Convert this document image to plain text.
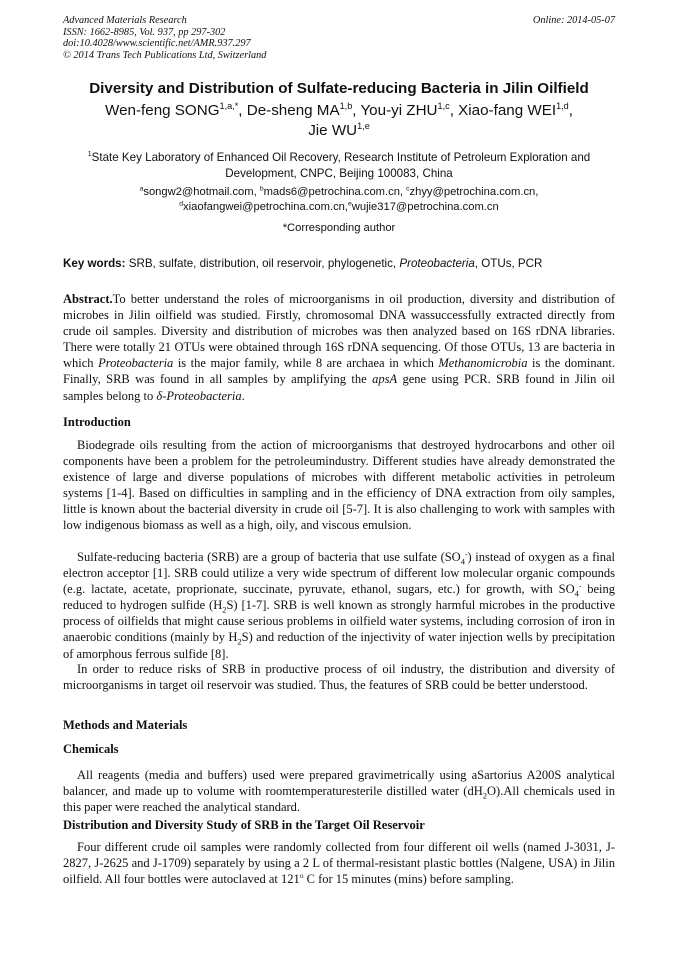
Advanced Materials Research
ISSN: 1662-8985, Vol. 937, pp 297-302
doi:10.4028/www.scientific.net/AMR.937.297
© 2014 Trans Tech Publications Ltd, Switzerland
Online: 2014-05-07
Diversity and Distribution of Sulfate-reducing Bacteria in Jilin Oilfield
Wen-feng $SONG^{1,a,*}$, De-sheng MA$^{1,b}$, You-yi ZHU$^{1,c}$, Xiao-fang WEI$^{1,d}$,
Jie WU$^{1,e}$
$^1$State Key Laboratory of Enhanced Oil Recovery, Research Institute of Petroleum Exploration and Development, CNPC, Beijing 100083, China
$^a$songw2@hotmail.com, $^b$mads6@petrochina.com.cn, $^c$zhyy@petrochina.com.cn,
$^d$xiaofangwei@petrochina.com.cn,$^e$wujie317@petrochina.com.cn
*Corresponding author
Key words: SRB, sulfate, distribution, oil reservoir, phylogenetic, Proteobacteria, OTUs, PCR

Abstract.To better understand the roles of microorganisms in oil production, diversity and distribution of microbes in Jilin oilfield was studied. Firstly, chromosomal DNA wassuccessfully extracted directly from crude oil samples. Diversity and distribution of microbes was then analyzed based on 16S rDNA libraries. There were totally 21 OTUs were obtained through 16S rDNA sequencing. Of those OTUs, 13 are bacteria in which Proteobacteria is the major family, while 8 are archaea in which Methanomicrobia is the dominant. Finally, SRB was found in all samples by amplifying the apsA gene using PCR. SRB found in Jilin oil samples belong to δ-Proteobacteria.

Introduction

Biodegrade oils resulting from the action of microorganisms that destroyed hydrocarbons and other oil components have been a problem for the petroleumindustry. Different studies have already demonstrated the existence of large and diverse populations of microbes with different metabolic activities in petroleum systems [1-4]. Based on difficulties in sampling and in the efficiency of DNA extraction from oily samples, little is known about the bacterial diversity in crude oil [5-7]. It is also challenging to work with samples with low indigenous biomass as well as a high, oily, and viscous emulsion.

Sulfate-reducing bacteria (SRB) are a group of bacteria that use sulfate $(SO_4^-)$ instead of oxygen as a final electron acceptor [1]. SRB could utilize a very wide spectrum of different low molecular organic compounds (e.g. lactate, acetate, proprionate, succinate, pyruvate, ethanol, sugars, etc.) for growth, with $SO_4^-$ being reduced to hydrogen sulfide $(H_2S)$ [1-7]. SRB is well known as strongly harmful microbes in the productive process of oilfields that might cause serious problems in oilfield water systems, including corrosion of iron in anaerobic conditions (mainly by $H_2S$) and reduction of the injectivity of water injection wells by precipitation of amorphous ferrous sulfide [8].

In order to reduce risks of SRB in productive process of oil industry, the distribution and diversity of microorganisms in target oil reservoir was studied. Thus, the features of SRB could be better understood.

Methods and Materials
Chemicals

All reagents (media and buffers) used were prepared gravimetrically using aSartorius A200S analytical balancer, and made up to volume with roomtemperaturesterile distilled water $(dH_2O).All$ chemicals used in this paper were reached the analytical standard.

Distribution and Diversity Study of SRB in the Target Oil Reservoir

Four different crude oil samples were randomly collected from four different oil wells (named J-3031, J-2827, J-2625 and J-1709) separately by using a 2 L of thermal-resistant plastic bottles (Nalgene, USA) in Jilin oilfield. All four bottles were autoclaved at 121$^o$ C for 15 minutes (mins) before sampling.
